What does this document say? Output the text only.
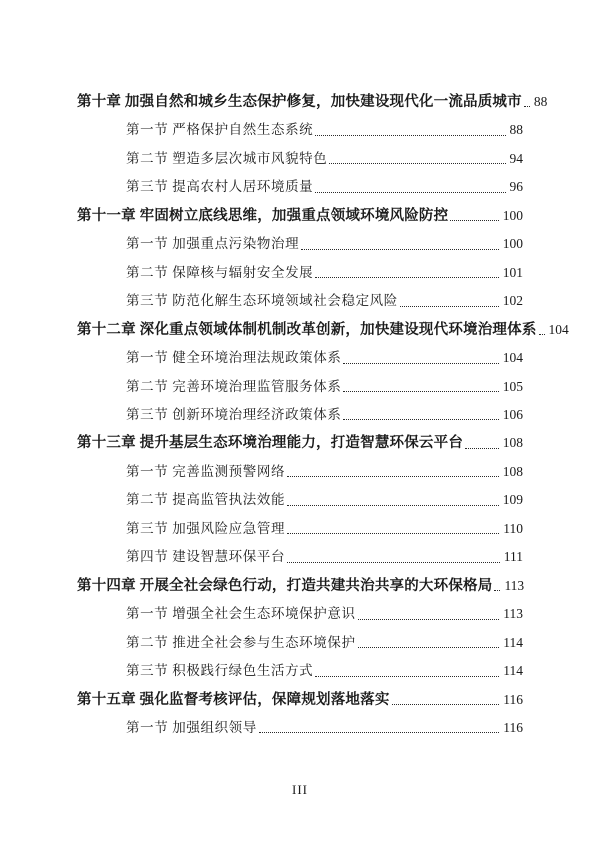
第十章 加强自然和城乡生态保护修复，加快建设现代化一流品质城市 88
第一节 严格保护自然生态系统	88
第二节 塑造多层次城市风貌特色	94
第三节 提高农村人居环境质量	96
第十一章 牢固树立底线思维，加强重点领域环境风险防控	100
第一节 加强重点污染物治理	100
第二节 保障核与辐射安全发展	101
第三节 防范化解生态环境领域社会稳定风险	102
第十二章 深化重点领域体制机制改革创新，加快建设现代环境治理体系 104
第一节 健全环境治理法规政策体系	104
第二节 完善环境治理监管服务体系	105
第三节 创新环境治理经济政策体系	106
第十三章 提升基层生态环境治理能力，打造智慧环保云平台	108
第一节 完善监测预警网络	108
第二节 提高监管执法效能	109
第三节 加强风险应急管理	110
第四节 建设智慧环保平台	111
第十四章 开展全社会绿色行动，打造共建共治共享的大环保格局 113
第一节 增强全社会生态环境保护意识	113
第二节 推进全社会参与生态环境保护	114
第三节 积极践行绿色生活方式	114
第十五章 强化监督考核评估，保障规划落地落实	116
第一节 加强组织领导	116
III
